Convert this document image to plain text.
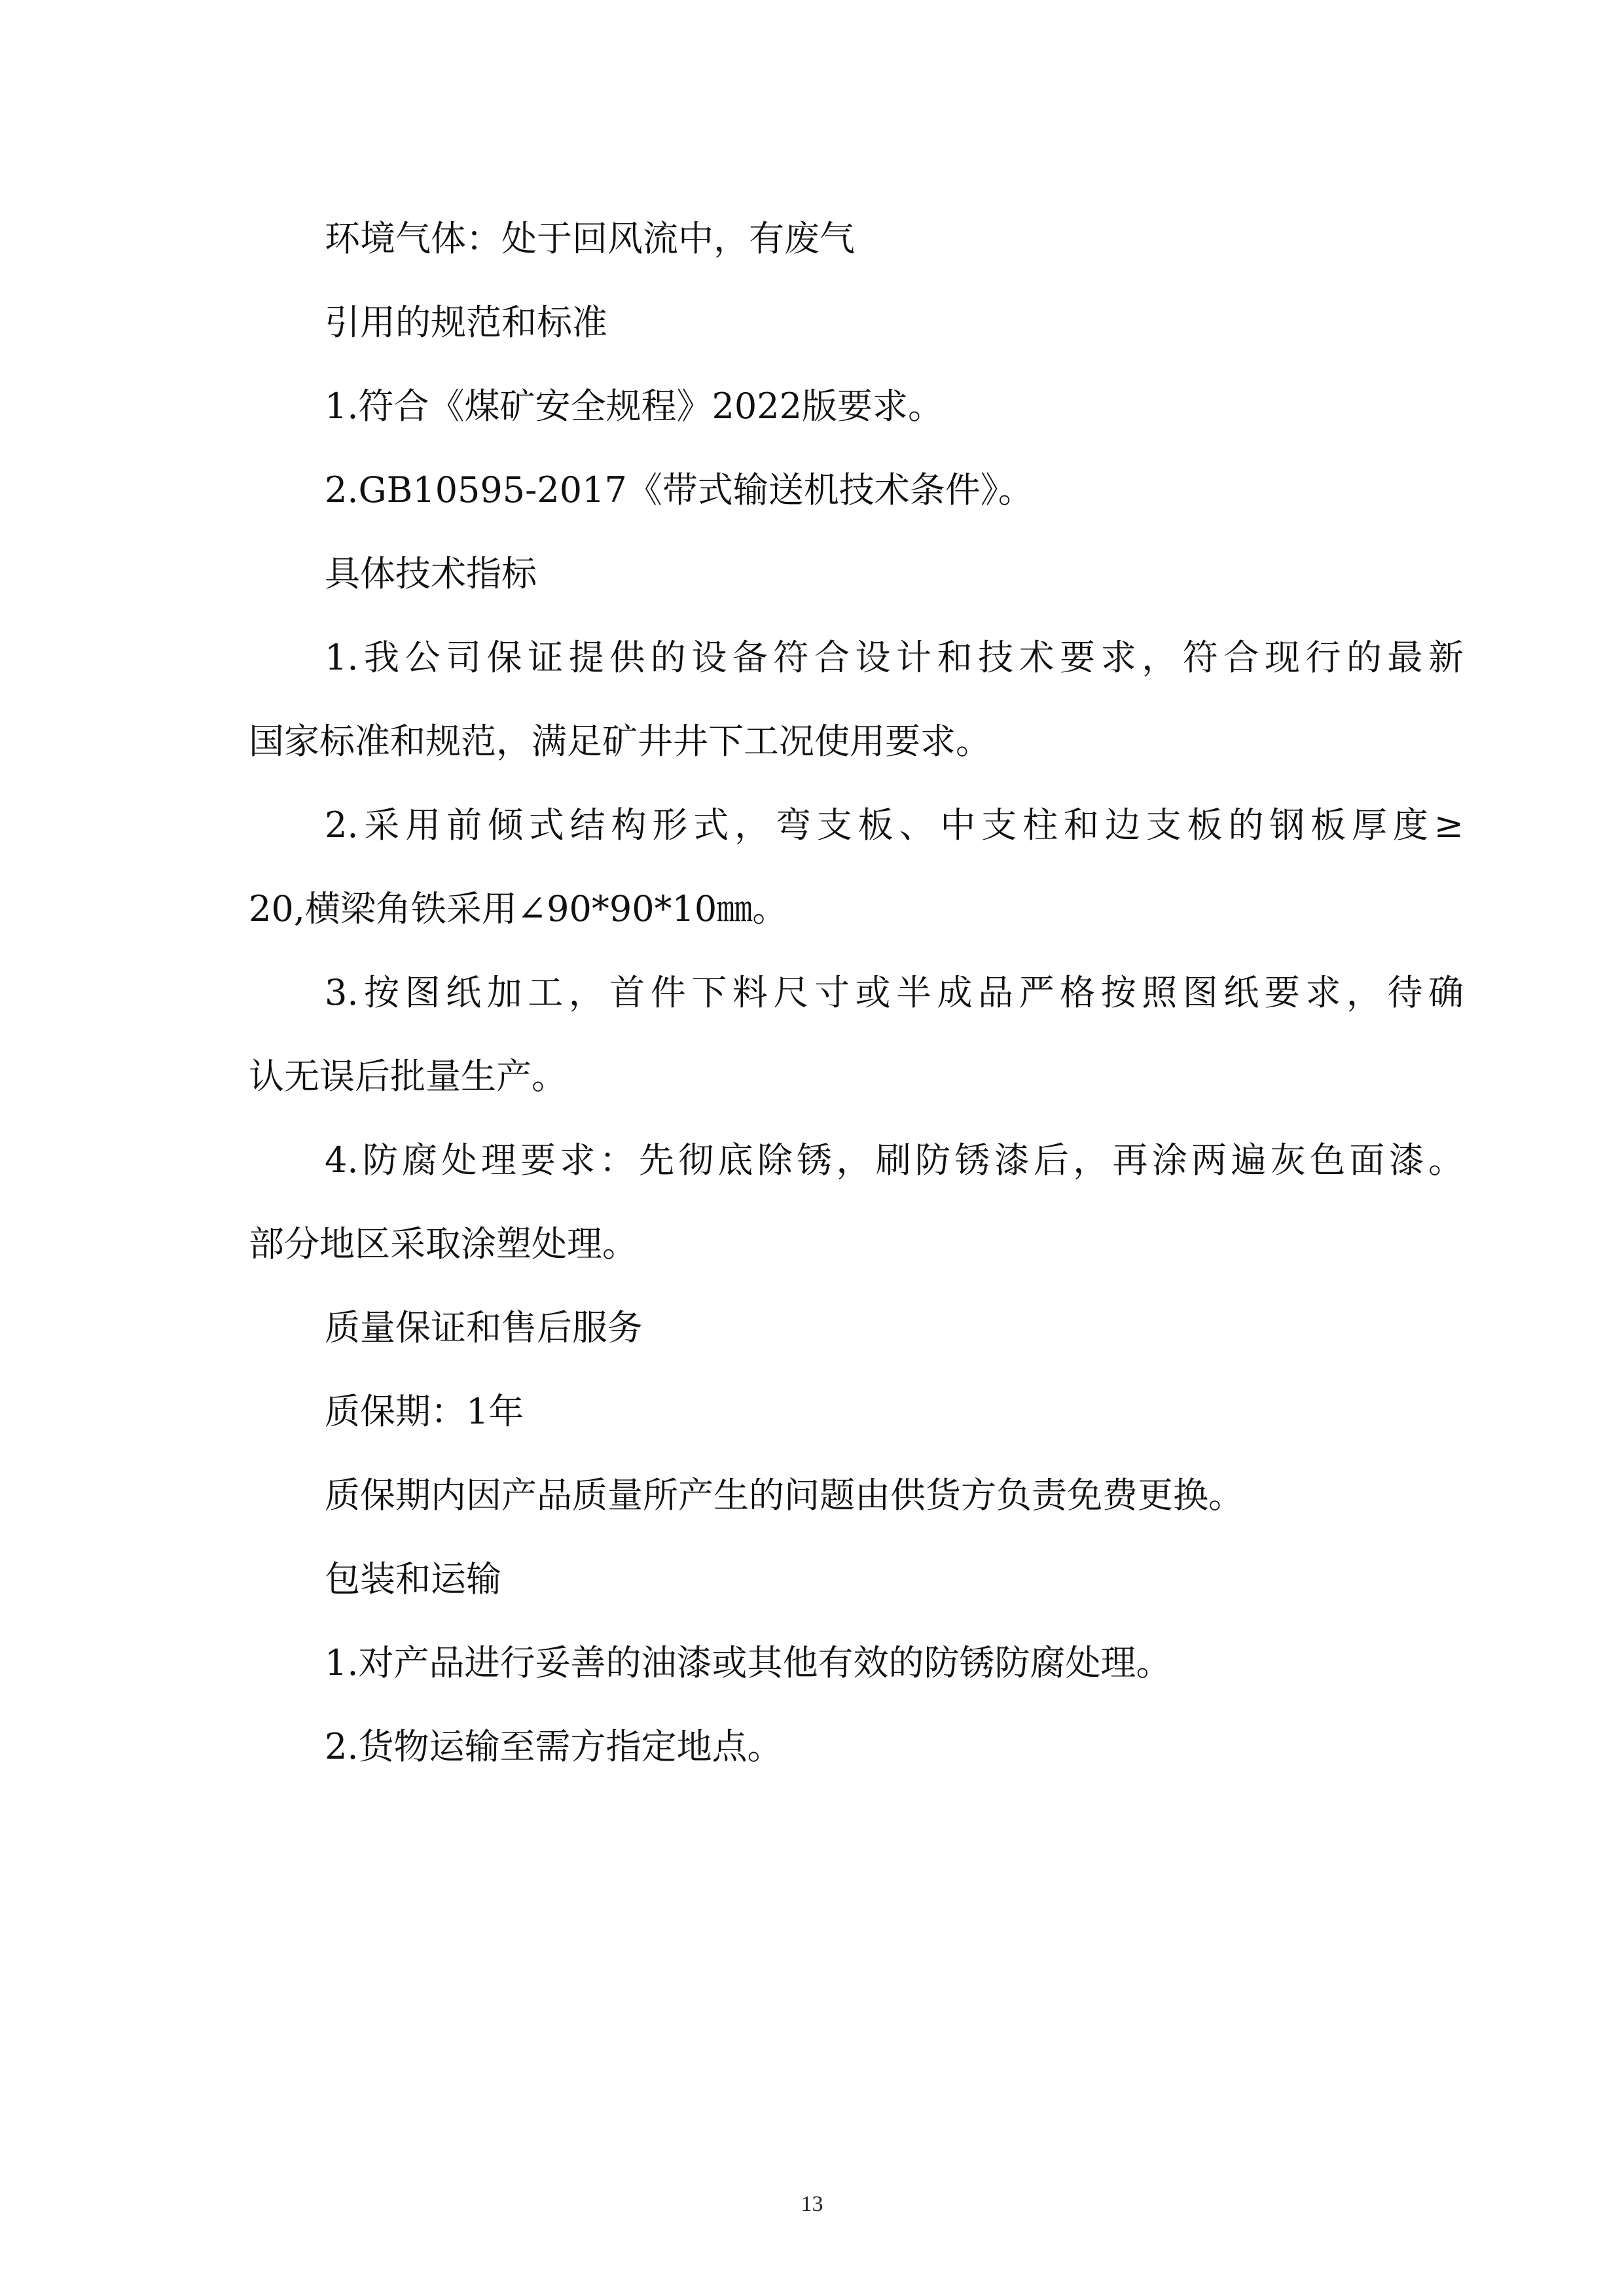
环境气体：处于回风流中，有废气
引用的规范和标准
1.符合《煤矿安全规程》2022版要求。
2.GB10595-2017《带式输送机技术条件》。
具体技术指标
1.我公司保证提供的设备符合设计和技术要求，符合现行的最新
国家标准和规范，满足矿井井下工况使用要求。
2.采用前倾式结构形式，弯支板、中支柱和边支板的钢板厚度≥
20,横梁角铁采用∠90*90*10㎜。
3.按图纸加工，首件下料尺寸或半成品严格按照图纸要求，待确
认无误后批量生产。
4.防腐处理要求：先彻底除锈，刷防锈漆后，再涂两遍灰色面漆。
部分地区采取涂塑处理。
质量保证和售后服务
质保期：1年
质保期内因产品质量所产生的问题由供货方负责免费更换。
包装和运输
1.对产品进行妥善的油漆或其他有效的防锈防腐处理。
2.货物运输至需方指定地点。
13
